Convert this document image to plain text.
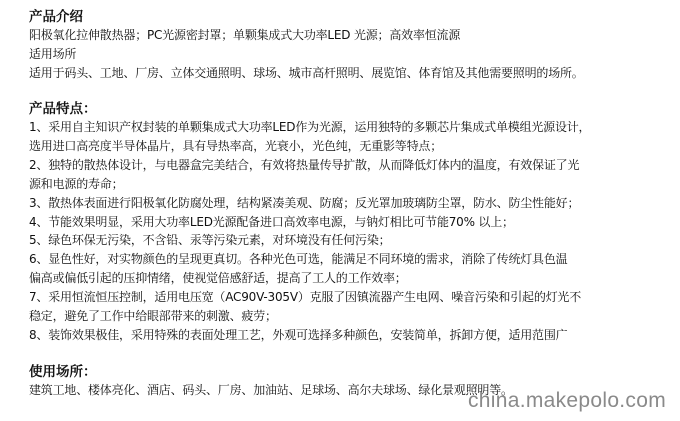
产品介绍
阳极氧化拉伸散热器；PC光源密封罩；单颗集成式大功率LED 光源；高效率恒流源
适用场所
适用于码头、工地、厂房、立体交通照明、球场、城市高杆照明、展览馆、体育馆及其他需要照明的场所。
产品特点：
1、采用自主知识产权封装的单颗集成式大功率LED作为光源，运用独特的多颗芯片集成式单模组光源设计，
选用进口高亮度半导体晶片，具有导热率高，光衰小，光色纯，无重影等特点；
2、独特的散热体设计，与电器盒完美结合，有效将热量传导扩散，从而降低灯体内的温度，有效保证了光
源和电源的寿命；
3、散热体表面进行阳极氧化防腐处理，结构紧凑美观、防腐；反光罩加玻璃防尘罩，防水、防尘性能好；
4、节能效果明显，采用大功率LED光源配备进口高效率电源，与钠灯相比可节能70% 以上；
5、绿色环保无污染，不含铅、汞等污染元素，对环境没有任何污染；
6、显色性好，对实物颜色的呈现更真切。各种光色可选，能满足不同环境的需求，消除了传统灯具色温
偏高或偏低引起的压抑情绪，使视觉倍感舒适，提高了工人的工作效率；
7、采用恒流恒压控制，适用电压宽（AC90V-305V）克服了因镇流器产生电网、噪音污染和引起的灯光不
稳定，避免了工作中给眼部带来的刺激、疲劳；
8、装饰效果极佳，采用特殊的表面处理工艺，外观可选择多种颜色，安装简单，拆卸方便，适用范围广
使用场所：
建筑工地、楼体亮化、酒店、码头、厂房、加油站、足球场、高尔夫球场、绿化景观照明等。
china.makepolo.com
